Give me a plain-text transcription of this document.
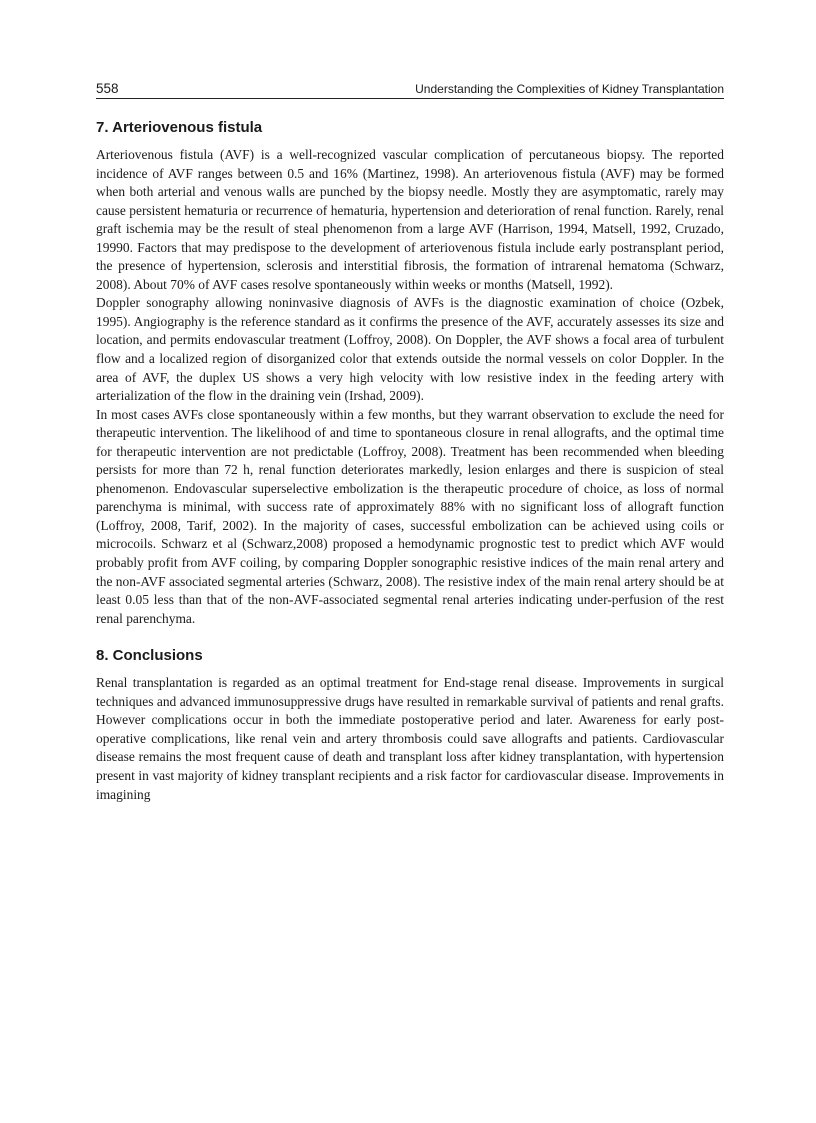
558	Understanding the Complexities of Kidney Transplantation
7. Arteriovenous fistula

Arteriovenous fistula (AVF) is a well-recognized vascular complication of percutaneous biopsy. The reported incidence of AVF ranges between 0.5 and 16% (Martinez, 1998). An arteriovenous fistula (AVF) may be formed when both arterial and venous walls are punched by the biopsy needle. Mostly they are asymptomatic, rarely may cause persistent hematuria or recurrence of hematuria, hypertension and deterioration of renal function. Rarely, renal graft ischemia may be the result of steal phenomenon from a large AVF (Harrison, 1994, Matsell, 1992, Cruzado, 19990. Factors that may predispose to the development of arteriovenous fistula include early postransplant period, the presence of hypertension, sclerosis and interstitial fibrosis, the formation of intrarenal hematoma (Schwarz, 2008). About 70% of AVF cases resolve spontaneously within weeks or months (Matsell, 1992).

Doppler sonography allowing noninvasive diagnosis of AVFs is the diagnostic examination of choice (Ozbek, 1995). Angiography is the reference standard as it confirms the presence of the AVF, accurately assesses its size and location, and permits endovascular treatment (Loffroy, 2008). On Doppler, the AVF shows a focal area of turbulent flow and a localized region of disorganized color that extends outside the normal vessels on color Doppler. In the area of AVF, the duplex US shows a very high velocity with low resistive index in the feeding artery with arterialization of the flow in the draining vein (Irshad, 2009).

In most cases AVFs close spontaneously within a few months, but they warrant observation to exclude the need for therapeutic intervention. The likelihood of and time to spontaneous closure in renal allografts, and the optimal time for therapeutic intervention are not predictable (Loffroy, 2008). Treatment has been recommended when bleeding persists for more than 72 h, renal function deteriorates markedly, lesion enlarges and there is suspicion of steal phenomenon. Endovascular superselective embolization is the therapeutic procedure of choice, as loss of normal parenchyma is minimal, with success rate of approximately 88% with no significant loss of allograft function (Loffroy, 2008, Tarif, 2002). In the majority of cases, successful embolization can be achieved using coils or microcoils. Schwarz et al (Schwarz,2008) proposed a hemodynamic prognostic test to predict which AVF would probably profit from AVF coiling, by comparing Doppler sonographic resistive indices of the main renal artery and the non-AVF associated segmental arteries (Schwarz, 2008). The resistive index of the main renal artery should be at least 0.05 less than that of the non-AVF-associated segmental renal arteries indicating under-perfusion of the rest renal parenchyma.

8. Conclusions

Renal transplantation is regarded as an optimal treatment for End-stage renal disease. Improvements in surgical techniques and advanced immunosuppressive drugs have resulted in remarkable survival of patients and renal grafts. However complications occur in both the immediate postoperative period and later. Awareness for early post-operative complications, like renal vein and artery thrombosis could save allografts and patients. Cardiovascular disease remains the most frequent cause of death and transplant loss after kidney transplantation, with hypertension present in vast majority of kidney transplant recipients and a risk factor for cardiovascular disease. Improvements in imagining
